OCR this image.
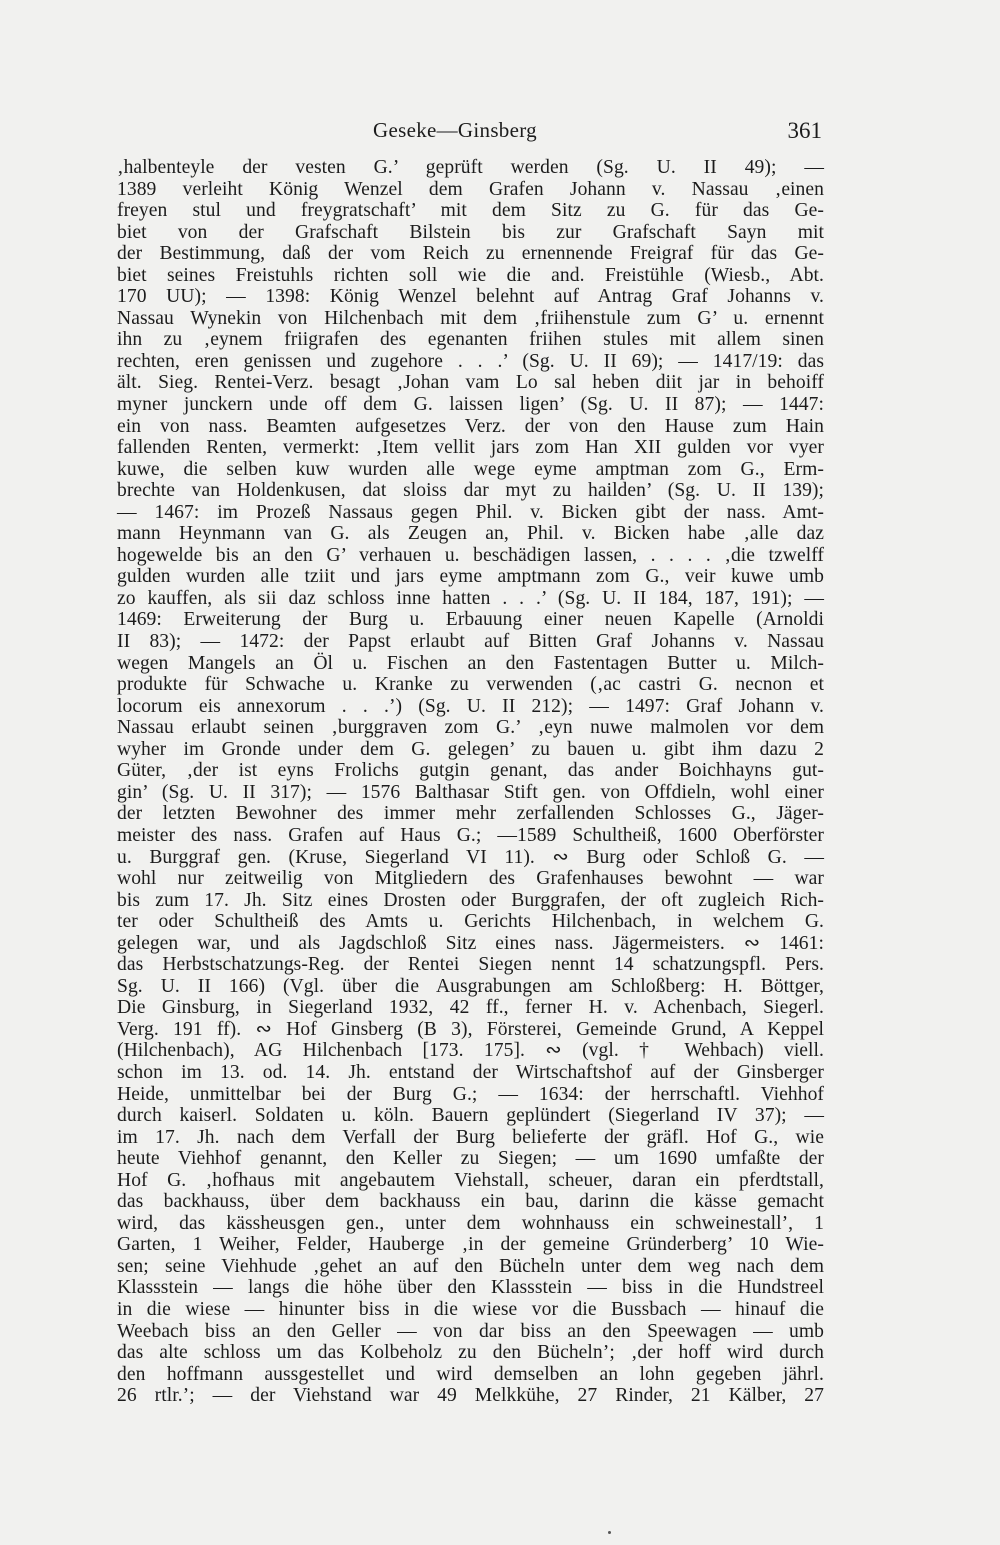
Geseke—Ginsberg	361
‚halbenteyle der vesten G.’ geprüft werden (Sg. U. II 49); —
1389 verleiht König Wenzel dem Grafen Johann v. Nassau ‚einen
freyen stul und freygratschaft’ mit dem Sitz zu G. für das Ge-
biet von der Grafschaft Bilstein bis zur Grafschaft Sayn mit
der Bestimmung, daß der vom Reich zu ernennende Freigraf für das Ge-
biet seines Freistuhls richten soll wie die and. Freistühle (Wiesb., Abt.
170 UU); — 1398: König Wenzel belehnt auf Antrag Graf Johanns v.
Nassau Wynekin von Hilchenbach mit dem ‚friihenstule zum G’ u. ernennt
ihn zu ‚eynem friigrafen des egenanten friihen stules mit allem sinen
rechten, eren genissen und zugehore . . .’ (Sg. U. II 69); — 1417/19: das
ält. Sieg. Rentei-Verz. besagt ‚Johan vam Lo sal heben diit jar in behoiff
myner junckern unde off dem G. laissen ligen’ (Sg. U. II 87); — 1447:
ein von nass. Beamten aufgesetzes Verz. der von den Hause zum Hain
fallenden Renten, vermerkt: ‚Item vellit jars zom Han XII gulden vor vyer
kuwe, die selben kuw wurden alle wege eyme amptman zom G., Erm-
brechte van Holdenkusen, dat sloiss dar myt zu hailden’ (Sg. U. II 139);
— 1467: im Prozeß Nassaus gegen Phil. v. Bicken gibt der nass. Amt-
mann Heynmann van G. als Zeugen an, Phil. v. Bicken habe ‚alle daz
hogewelde bis an den G’ verhauen u. beschädigen lassen, . . . . ‚die tzwelff
gulden wurden alle tziit und jars eyme amptmann zom G., veir kuwe umb
zo kauffen, als sii daz schloss inne hatten . . .’ (Sg. U. II 184, 187, 191); —
1469: Erweiterung der Burg u. Erbauung einer neuen Kapelle (Arnoldi
II 83); — 1472: der Papst erlaubt auf Bitten Graf Johanns v. Nassau
wegen Mangels an Öl u. Fischen an den Fastentagen Butter u. Milch-
produkte für Schwache u. Kranke zu verwenden (‚ac castri G. necnon et
locorum eis annexorum . . .’) (Sg. U. II 212); — 1497: Graf Johann v.
Nassau erlaubt seinen ‚burggraven zom G.’ ‚eyn nuwe malmolen vor dem
wyher im Gronde under dem G. gelegen’ zu bauen u. gibt ihm dazu 2
Güter, ‚der ist eyns Frolichs gutgin genant, das ander Boichhayns gut-
gin’ (Sg. U. II 317); — 1576 Balthasar Stift gen. von Offdieln, wohl einer
der letzten Bewohner des immer mehr zerfallenden Schlosses G., Jäger-
meister des nass. Grafen auf Haus G.; —1589 Schultheiß, 1600 Oberförster
u. Burggraf gen. (Kruse, Siegerland VI 11). ∾ Burg oder Schloß G. —
wohl nur zeitweilig von Mitgliedern des Grafenhauses bewohnt — war
bis zum 17. Jh. Sitz eines Drosten oder Burggrafen, der oft zugleich Rich-
ter oder Schultheiß des Amts u. Gerichts Hilchenbach, in welchem G.
gelegen war, und als Jagdschloß Sitz eines nass. Jägermeisters. ∾ 1461:
das Herbstschatzungs-Reg. der Rentei Siegen nennt 14 schatzungspfl. Pers.
Sg. U. II 166) (Vgl. über die Ausgrabungen am Schloßberg: H. Böttger,
Die Ginsburg, in Siegerland 1932, 42 ff., ferner H. v. Achenbach, Siegerl.
Verg. 191 ff). ∾ Hof Ginsberg (B 3), Försterei, Gemeinde Grund, A Keppel
(Hilchenbach), AG Hilchenbach [173. 175]. ∾ (vgl. † Wehbach) viell.
schon im 13. od. 14. Jh. entstand der Wirtschaftshof auf der Ginsberger
Heide, unmittelbar bei der Burg G.; — 1634: der herrschaftl. Viehhof
durch kaiserl. Soldaten u. köln. Bauern geplündert (Siegerland IV 37); —
im 17. Jh. nach dem Verfall der Burg belieferte der gräfl. Hof G., wie
heute Viehhof genannt, den Keller zu Siegen; — um 1690 umfaßte der
Hof G. ‚hofhaus mit angebautem Viehstall, scheuer, daran ein pferdtstall,
das backhauss, über dem backhauss ein bau, darinn die kässe gemacht
wird, das kässheusgen gen., unter dem wohnhauss ein schweinestall’, 1
Garten, 1 Weiher, Felder, Hauberge ‚in der gemeine Gründerberg’ 10 Wie-
sen; seine Viehhude ‚gehet an auf den Bücheln unter dem weg nach dem
Klassstein — langs die höhe über den Klassstein — biss in die Hundstreel
in die wiese — hinunter biss in die wiese vor die Bussbach — hinauf die
Weebach biss an den Geller — von dar biss an den Speewagen — umb
das alte schloss um das Kolbeholz zu den Bücheln’; ‚der hoff wird durch
den hoffmann aussgestellet und wird demselben an lohn gegeben jährl.
26 rtlr.’; — der Viehstand war 49 Melkkühe, 27 Rinder, 21 Kälber, 27
